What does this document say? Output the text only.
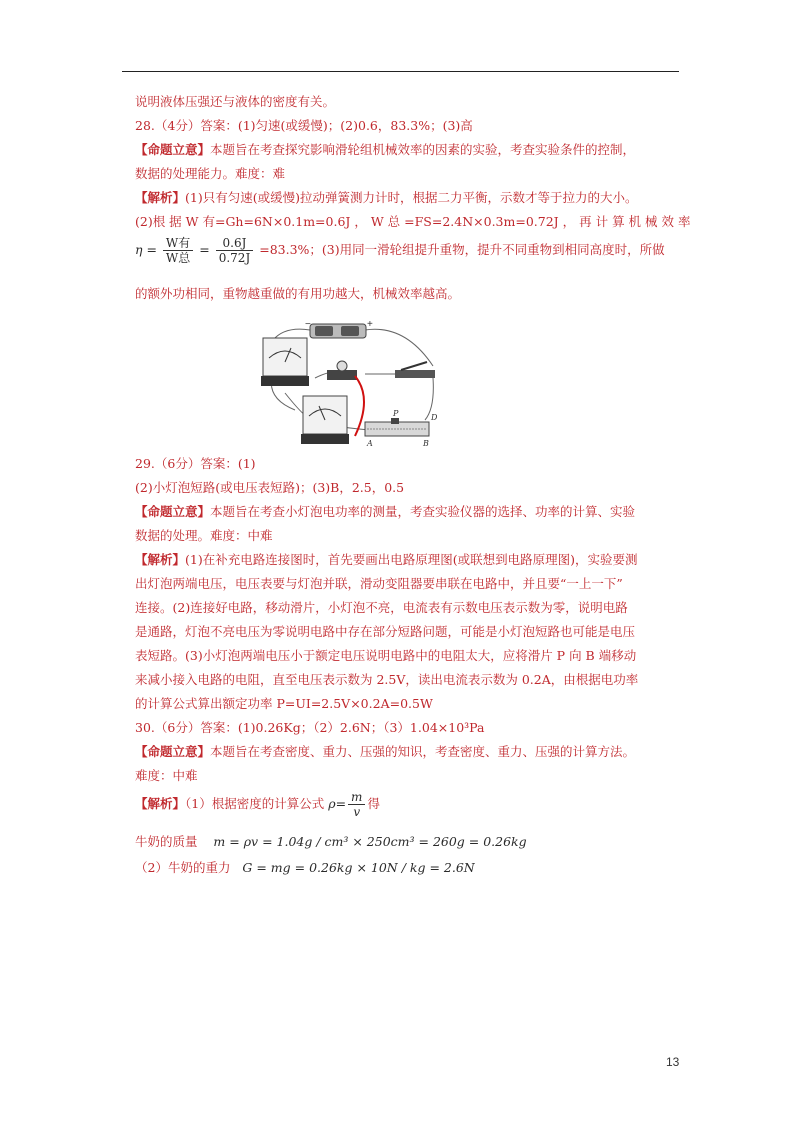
说明液体压强还与液体的密度有关。
28.（4分）答案：(1)匀速(或缓慢)；(2)0.6，83.3%；(3)高
【命题立意】本题旨在考查探究影响滑轮组机械效率的因素的实验，考查实验条件的控制，
数据的处理能力。难度：难
【解析】(1)只有匀速(或缓慢)拉动弹簧测力计时，根据二力平衡，示数才等于拉力的大小。
(2)根 据 W 有=Gh=6N×0.1m=0.6J ， W 总 =FS=2.4N×0.3m=0.72J ， 再 计 算 机 械 效 率
$\eta = \frac{\text{W有}}{\text{W总}} = \frac{0.6J}{0.72J} =83.3\%$；(3)用同一滑轮组提升重物，提升不同重物到相同高度时，所做
的额外功相同，重物越重做的有用功越大，机械效率越高。
−	+
P	D
A	B
29.（6分）答案：(1)
(2)小灯泡短路(或电压表短路)；(3)B，2.5，0.5
【命题立意】本题旨在考查小灯泡电功率的测量，考查实验仪器的选择、功率的计算、实验
数据的处理。难度：中难
【解析】(1)在补充电路连接图时，首先要画出电路原理图(或联想到电路原理图)，实验要测
出灯泡两端电压，电压表要与灯泡并联，滑动变阻器要串联在电路中，并且要“一上一下”
连接。(2)连接好电路，移动滑片，小灯泡不亮，电流表有示数电压表示数为零，说明电路
是通路，灯泡不亮电压为零说明电路中存在部分短路问题，可能是小灯泡短路也可能是电压
表短路。(3)小灯泡两端电压小于额定电压说明电路中的电阻太大，应将滑片 P 向 B 端移动
来减小接入电路的电阻，直至电压表示数为 2.5V，读出电流表示数为 0.2A，由根据电功率
的计算公式算出额定功率 P=UI=2.5V×0.2A=0.5W
30.（6分）答案：(1)0.26Kg；（2）2.6N；（3）1.04×10³Pa
【命题立意】本题旨在考查密度、重力、压强的知识，考查密度、重力、压强的计算方法。
难度：中难
【解析】（1）根据密度的计算公式 $\rho= \frac{m}{v}$ 得
牛奶的质量 m = ρv = 1.04g / cm³ × 250cm³ = 260g = 0.26kg
（2）牛奶的重力 G = mg = 0.26kg × 10N / kg = 2.6N
13
